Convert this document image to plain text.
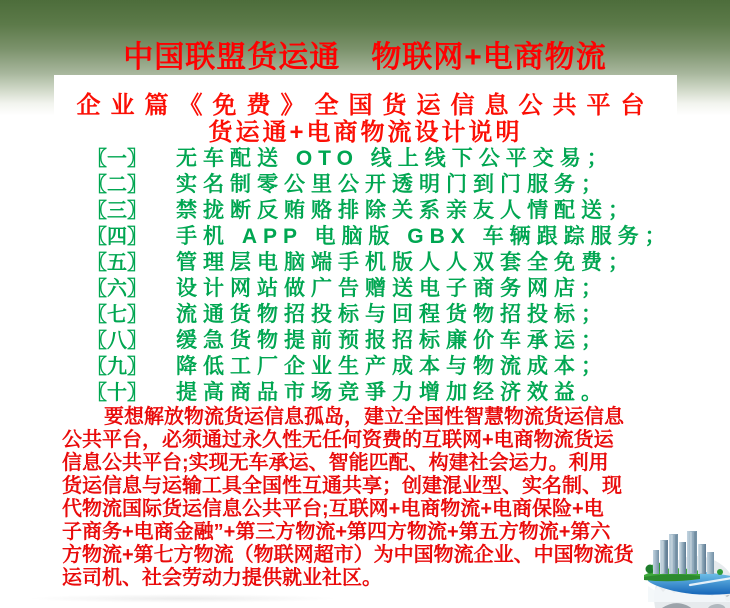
中国联盟货运通　物联网+电商物流
企业篇《免费》全国货运信息公共平台
货运通+电商物流设计说明
〖一〗 无车配送 OTO 线上线下公平交易；
〖二〗 实名制零公里公开透明门到门服务；
〖三〗 禁拢断反贿赂排除关系亲友人情配送；
〖四〗 手机 APP 电脑版 GBX 车辆跟踪服务；
〖五〗 管理层电脑端手机版人人双套全免费；
〖六〗 设计网站做广告赠送电子商务网店；
〖七〗 流通货物招投标与回程货物招投标；
〖八〗 缓急货物提前预报招标廉价车承运；
〖九〗 降低工厂企业生产成本与物流成本；
〖十〗 提高商品市场竞爭力增加经济效益。
要想解放物流货运信息孤岛，建立全国性智慧物流货运信息
公共平台，必须通过永久性无任何资费的互联网+电商物流货运
信息公共平台;实现无车承运、智能匹配、构建社会运力。利用
货运信息与运输工具全国性互通共享；创建混业型、实名制、现
代物流国际货运信息公共平台;互联网+电商物流+电商保险+电
子商务+电商金融”+第三方物流+第四方物流+第五方物流+第六
方物流+第七方物流（物联网超市）为中国物流企业、中国物流货
运司机、社会劳动力提供就业社区。
